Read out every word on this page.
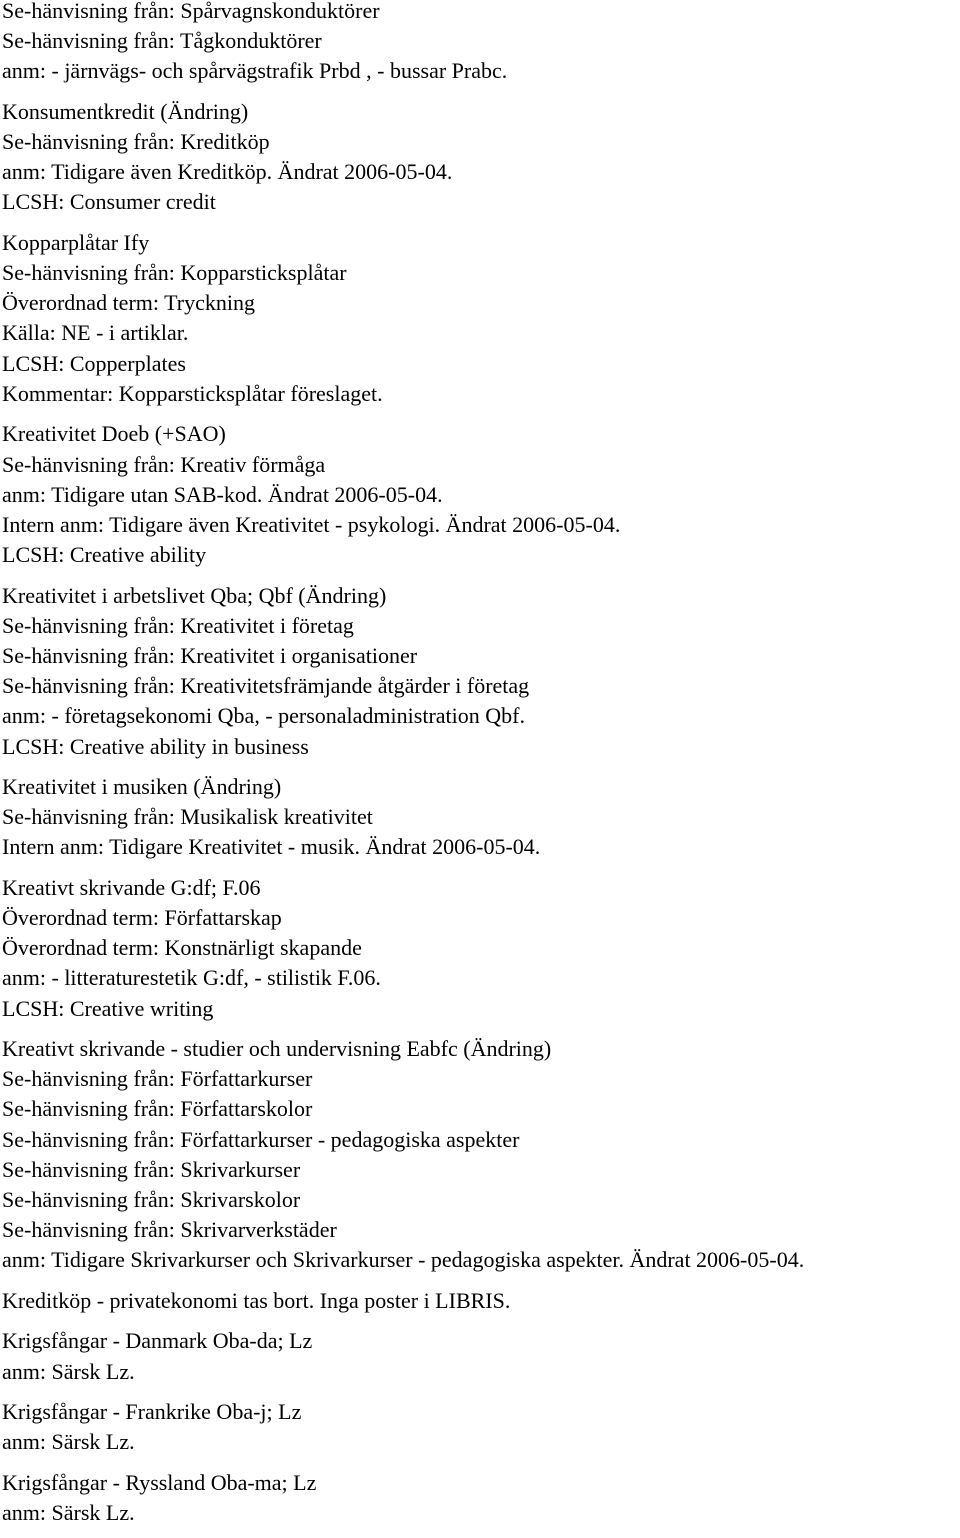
Se-hänvisning från: Spårvagnskonduktörer
Se-hänvisning från: Tågkonduktörer
anm: - järnvägs- och spårvägstrafik Prbd , - bussar Prabc.
Konsumentkredit (Ändring)
Se-hänvisning från: Kreditköp
anm: Tidigare även Kreditköp. Ändrat 2006-05-04.
LCSH: Consumer credit
Kopparplåtar Ify
Se-hänvisning från: Kopparsticksplåtar
Överordnad term: Tryckning
Källa: NE - i artiklar.
LCSH: Copperplates
Kommentar: Kopparsticksplåtar föreslaget.
Kreativitet Doeb (+SAO)
Se-hänvisning från: Kreativ förmåga
anm: Tidigare utan SAB-kod. Ändrat 2006-05-04.
Intern anm: Tidigare även Kreativitet - psykologi. Ändrat 2006-05-04.
LCSH: Creative ability
Kreativitet i arbetslivet Qba; Qbf (Ändring)
Se-hänvisning från: Kreativitet i företag
Se-hänvisning från: Kreativitet i organisationer
Se-hänvisning från: Kreativitetsfrämjande åtgärder i företag
anm: - företagsekonomi Qba, - personaladministration Qbf.
LCSH: Creative ability in business
Kreativitet i musiken (Ändring)
Se-hänvisning från: Musikalisk kreativitet
Intern anm: Tidigare Kreativitet - musik. Ändrat 2006-05-04.
Kreativt skrivande G:df; F.06
Överordnad term: Författarskap
Överordnad term: Konstnärligt skapande
anm: - litteraturestetik G:df, - stilistik F.06.
LCSH: Creative writing
Kreativt skrivande - studier och undervisning Eabfc (Ändring)
Se-hänvisning från: Författarkurser
Se-hänvisning från: Författarskolor
Se-hänvisning från: Författarkurser - pedagogiska aspekter
Se-hänvisning från: Skrivarkurser
Se-hänvisning från: Skrivarskolor
Se-hänvisning från: Skrivarverkstäder
anm: Tidigare Skrivarkurser och Skrivarkurser - pedagogiska aspekter. Ändrat 2006-05-04.
Kreditköp - privatekonomi tas bort. Inga poster i LIBRIS.
Krigsfångar - Danmark Oba-da; Lz
anm: Särsk Lz.
Krigsfångar - Frankrike Oba-j; Lz
anm: Särsk Lz.
Krigsfångar - Ryssland Oba-ma; Lz
anm: Särsk Lz.
